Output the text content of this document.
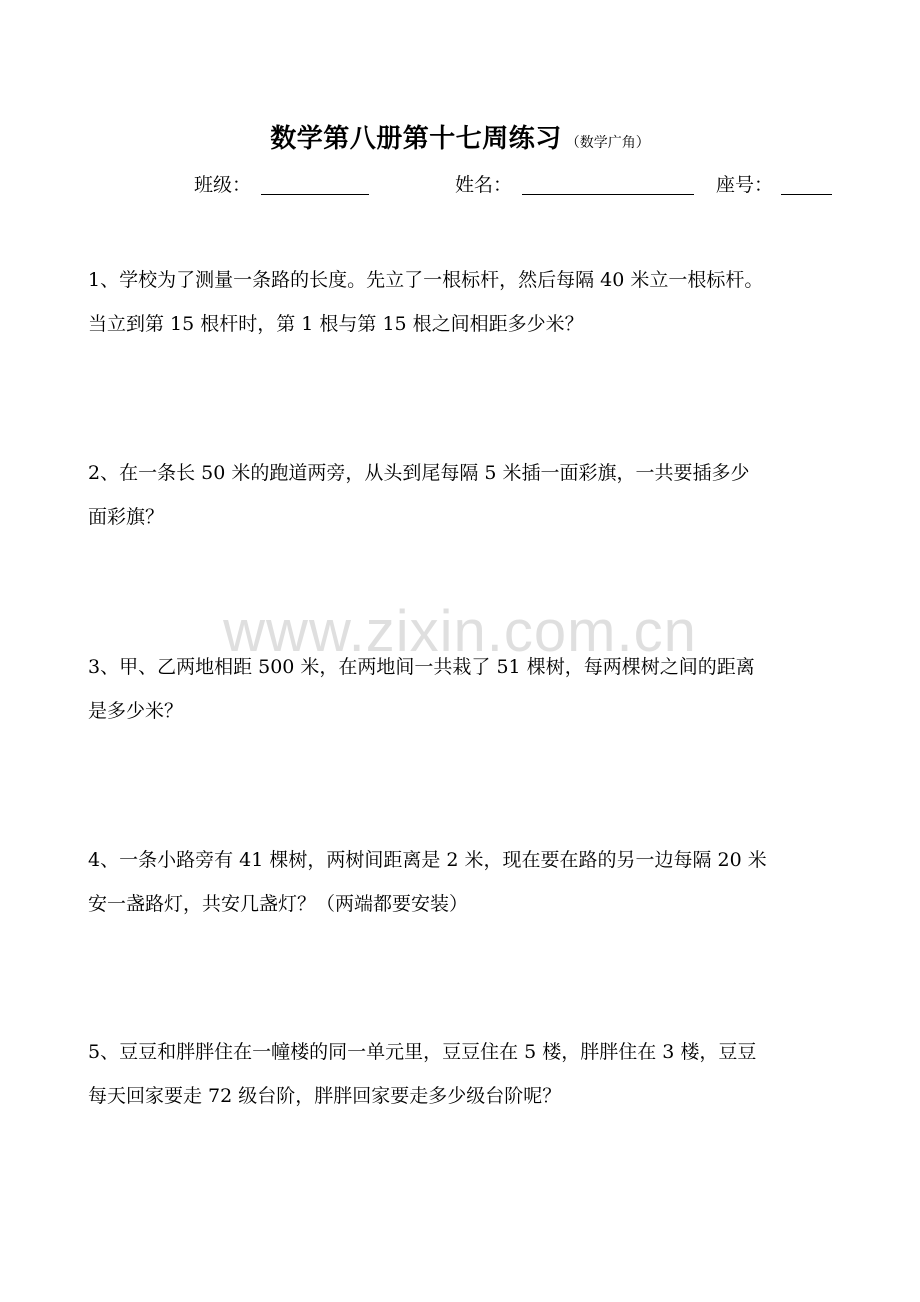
数学第八册第十七周练习 （数学广角）
班级：	姓名：	座号：
1、学校为了测量一条路的长度。先立了一根标杆，然后每隔 40 米立一根标杆。
当立到第 15 根杆时，第 1 根与第 15 根之间相距多少米？
2、在一条长 50 米的跑道两旁，从头到尾每隔 5 米插一面彩旗，一共要插多少
面彩旗？
www.zixin.com.cn
3、甲、乙两地相距 500 米，在两地间一共栽了 51 棵树，每两棵树之间的距离
是多少米？
4、一条小路旁有 41 棵树，两树间距离是 2 米，现在要在路的另一边每隔 20 米
安一盏路灯，共安几盏灯？（两端都要安装）
5、豆豆和胖胖住在一幢楼的同一单元里，豆豆住在 5 楼，胖胖住在 3 楼，豆豆
每天回家要走 72 级台阶，胖胖回家要走多少级台阶呢？
